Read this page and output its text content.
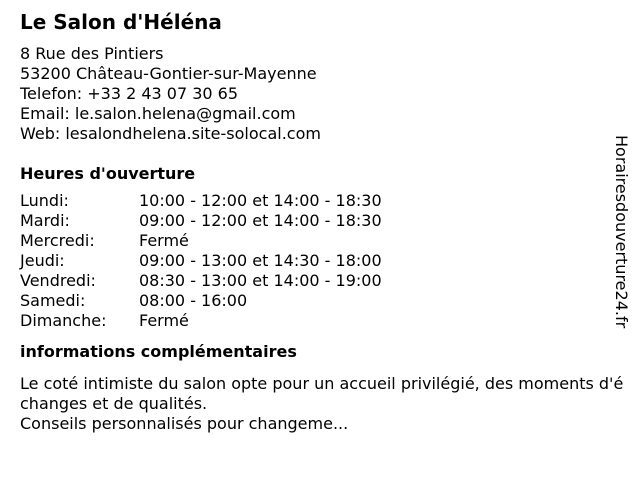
Le Salon d'Héléna
8 Rue des Pintiers
53200 Château-Gontier-sur-Mayenne
Telefon: +33 2 43 07 30 65
Email: le.salon.helena@gmail.com
Web: lesalondhelena.site-solocal.com
Heures d'ouverture
Lundi:	10:00 - 12:00 et 14:00 - 18:30
Mardi:	09:00 - 12:00 et 14:00 - 18:30
Mercredi:	Fermé
Jeudi:	09:00 - 13:00 et 14:30 - 18:00
Vendredi:	08:30 - 13:00 et 14:00 - 19:00
Samedi:	08:00 - 16:00
Dimanche:	Fermé
informations complémentaires
Le coté intimiste du salon opte pour un accueil privilégié, des moments d'échanges et de qualités.
Conseils personnalisés pour changeme...
Horairesdouverture24.fr
